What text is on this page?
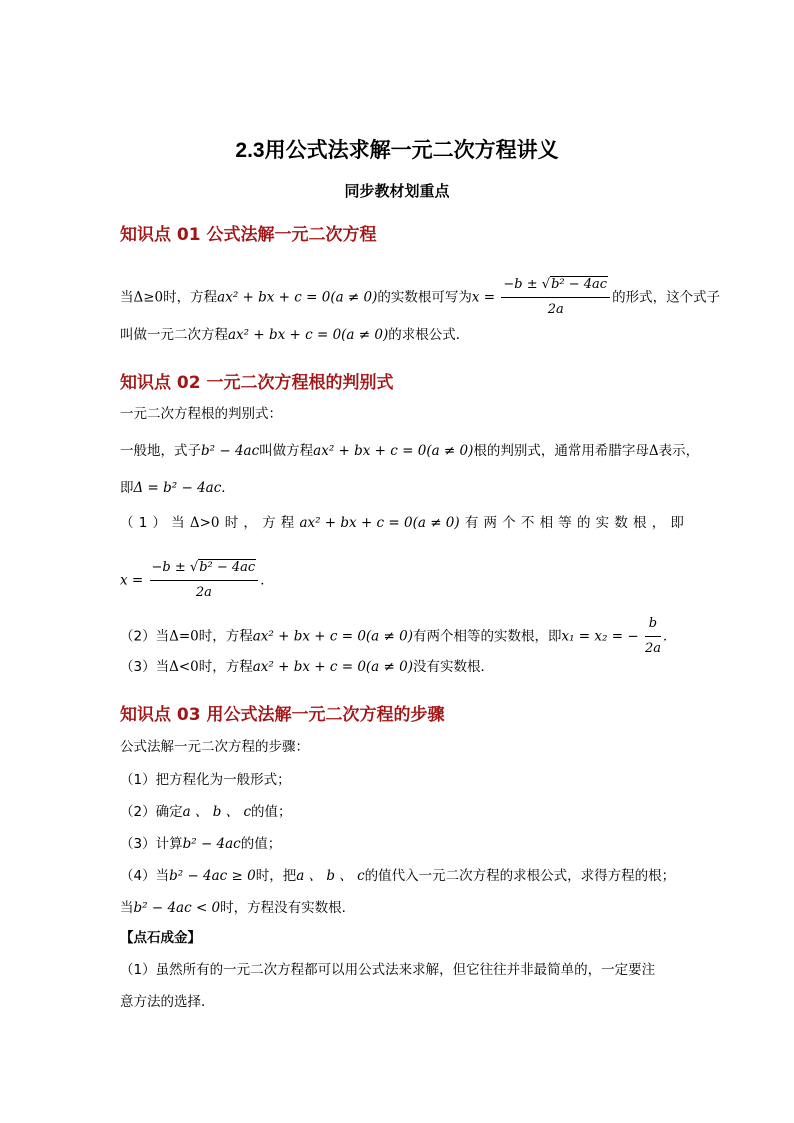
2.3用公式法求解一元二次方程讲义
同步教材划重点
知识点 01 公式法解一元二次方程
当Δ≥0时，方程ax² + bx + c = 0(a ≠ 0)的实数根可写为$x = \frac{\text{−b ± √b² − 4ac}}{2a}$ 的形式，这个式子
叫做一元二次方程ax² + bx + c = 0(a ≠ 0)的求根公式．
知识点 02 一元二次方程根的判别式
一元二次方程根的判别式：
一般地，式子b² − 4ac叫做方程ax² + bx + c = 0(a ≠ 0)根的判别式，通常用希腊字母Δ表示，
即Δ = b² − 4ac．
（ 1 ） 当 Δ>0 时 ， 方 程 ax² + bx + c = 0(a ≠ 0) 有 两 个 不 相 等 的 实 数 根 ， 即
$x = \frac{\text{−b ± √b² − 4ac}}{2a}$ ．
（2）当Δ=0时，方程ax² + bx + c = 0(a ≠ 0)有两个相等的实数根，即x₁ = x₂ = − $\frac{b}{2a}$ ．
（3）当Δ<0时，方程ax² + bx + c = 0(a ≠ 0)没有实数根．
知识点 03 用公式法解一元二次方程的步骤
公式法解一元二次方程的步骤：
（1）把方程化为一般形式；
（2）确定a 、 b 、 c的值；
（3）计算b² − 4ac的值；
（4）当b² − 4ac ≥ 0时，把a 、 b 、 c的值代入一元二次方程的求根公式，求得方程的根；
当b² − 4ac < 0时，方程没有实数根．
【点石成金】
（1）虽然所有的一元二次方程都可以用公式法来求解，但它往往并非最简单的，一定要注
意方法的选择．
